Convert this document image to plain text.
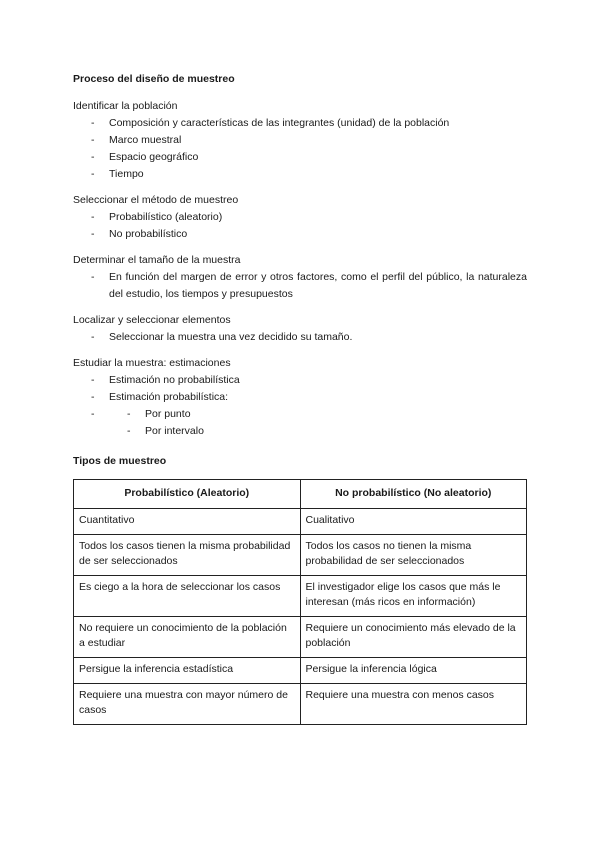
Proceso del diseño de muestreo
Identificar la población
- Composición y características de las integrantes (unidad) de la población
- Marco muestral
- Espacio geográfico
- Tiempo
Seleccionar el método de muestreo
- Probabilístico (aleatorio)
- No probabilístico
Determinar el tamaño de la muestra
- En función del margen de error y otros factores, como el perfil del público, la naturaleza del estudio, los tiempos y presupuestos
Localizar y seleccionar elementos
- Seleccionar la muestra una vez decidido su tamaño.
Estudiar la muestra: estimaciones
- Estimación no probabilística
- Estimación probabilística:
- - Por punto
- Por intervalo
Tipos de muestreo
Probabilístico (Aleatorio)	No probabilístico (No aleatorio)
Cuantitativo	Cualitativo
Todos los casos tienen la misma probabilidad de ser seleccionados	Todos los casos no tienen la misma probabilidad de ser seleccionados
Es ciego a la hora de seleccionar los casos	El investigador elige los casos que más le interesan (más ricos en información)
No requiere un conocimiento de la población a estudiar	Requiere un conocimiento más elevado de la población
Persigue la inferencia estadística	Persigue la inferencia lógica
Requiere una muestra con mayor número de casos	Requiere una muestra con menos casos
